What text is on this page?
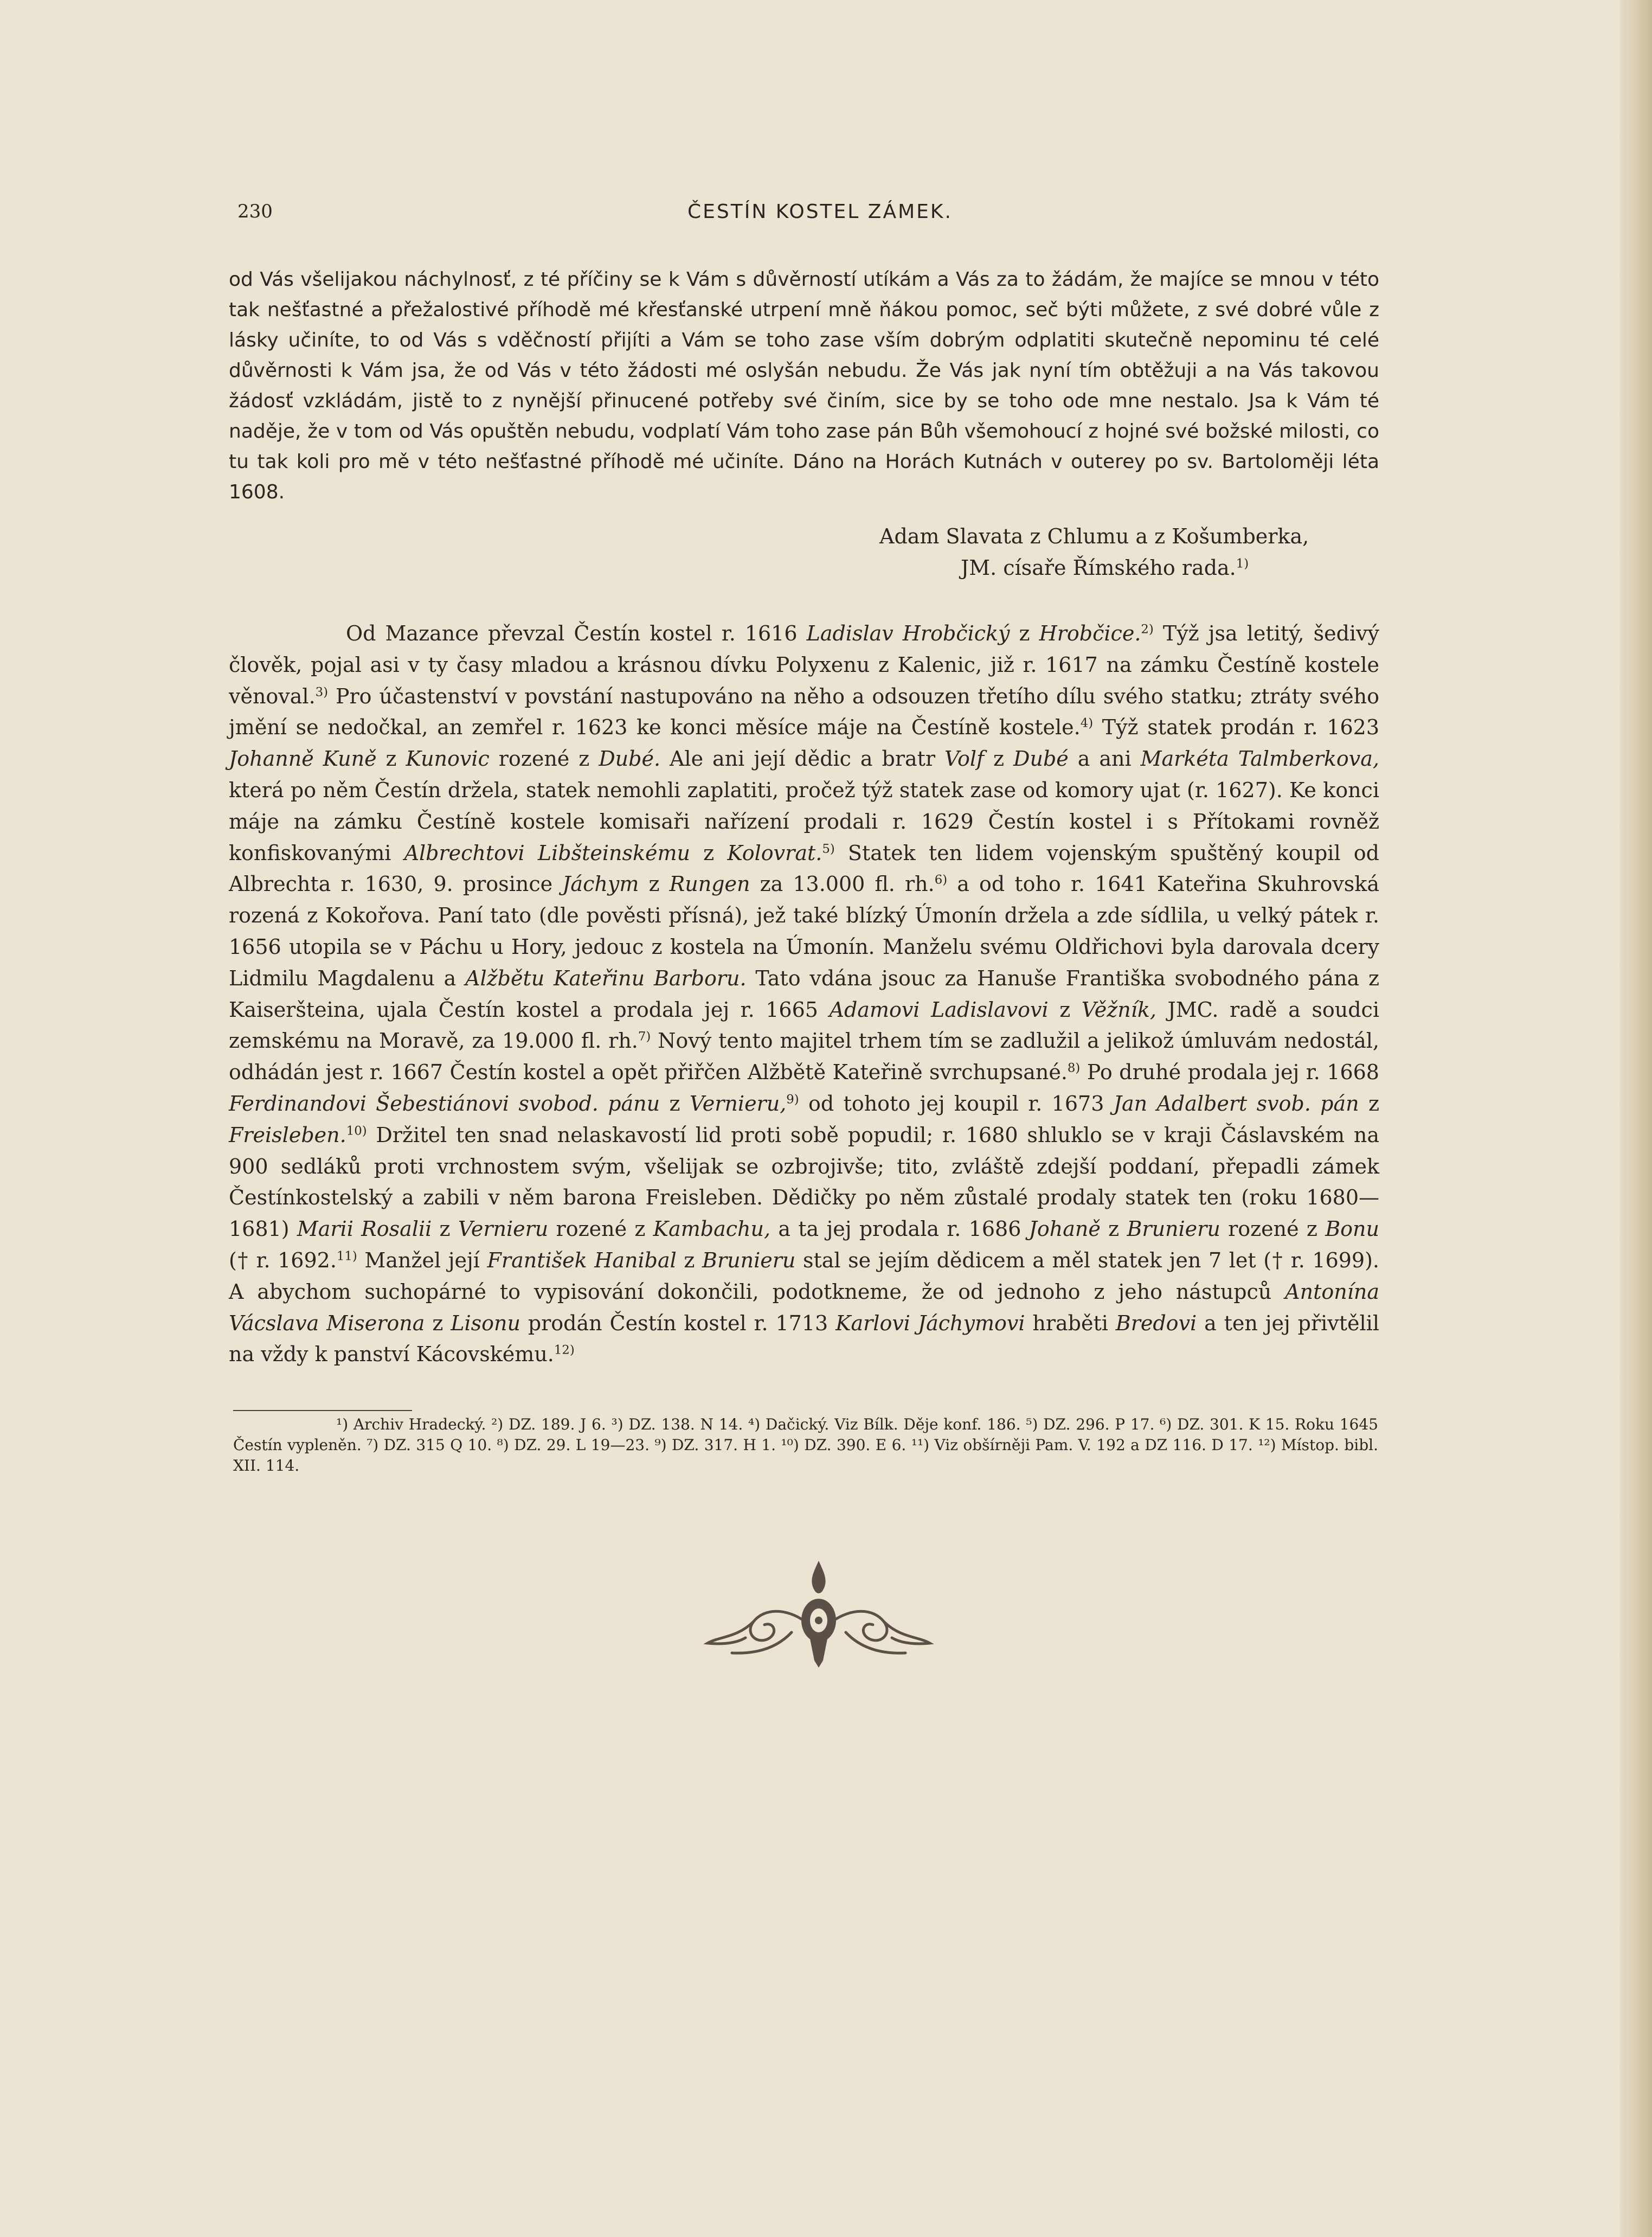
230	ČESTÍN KOSTEL ZÁMEK.

od Vás všelijakou náchylnosť, z té příčiny se k Vám s důvěrností utíkám a Vás za to žádám, že majíce se mnou v této tak nešťastné a přežalostivé příhodě mé křesťanské utrpení mně ňákou pomoc, seč býti můžete, z své dobré vůle z lásky učiníte, to od Vás s vděčností přijíti a Vám se toho zase vším dobrým odplatiti skutečně nepominu té celé důvěrnosti k Vám jsa, že od Vás v této žádosti mé oslyšán nebudu. Že Vás jak nyní tím obtěžuji a na Vás takovou žádosť vzkládám, jistě to z nynější přinucené potřeby své činím, sice by se toho ode mne nestalo. Jsa k Vám té naděje, že v tom od Vás opuštěn nebudu, vodplatí Vám toho zase pán Bůh všemohoucí z hojné své božské milosti, co tu tak koli pro mě v této nešťastné příhodě mé učiníte. Dáno na Horách Kutnách v outerey po sv. Bartoloměji léta 1608.

Adam Slavata z Chlumu a z Košumberka,
JM. císaře Římského rada.$^{1)}$

Od Mazance převzal Čestín kostel r. 1616 Ladislav Hrobčický z Hrobčice.$^{2)}$ Týž jsa letitý, šedivý člověk, pojal asi v ty časy mladou a krásnou dívku Polyxenu z Kalenic, již r. 1617 na zámku Čestíně kostele věnoval.$^{3)}$ Pro účastenství v povstání nastupováno na něho a odsouzen třetího dílu svého statku; ztráty svého jmění se nedočkal, an zemřel r. 1623 ke konci měsíce máje na Čestíně kostele.$^{4)}$ Týž statek prodán r. 1623 Johanně Kuně z Kunovic rozené z Dubé. Ale ani její dědic a bratr Volf z Dubé a ani Markéta Talmberkova, která po něm Čestín držela, statek nemohli zaplatiti, pročež týž statek zase od komory ujat (r. 1627). Ke konci máje na zámku Čestíně kostele komisaři nařízení prodali r. 1629 Čestín kostel i s Přítokami rovněž konfiskovanými Albrechtovi Libšteinskému z Kolovrat.$^{5)}$ Statek ten lidem vojenským spuštěný koupil od Albrechta r. 1630, 9. prosince Jáchym z Rungen za 13.000 fl. rh.$^{6)}$ a od toho r. 1641 Kateřina Skuhrovská rozená z Kokořova. Paní tato (dle pověsti přísná), jež také blízký Úmonín držela a zde sídlila, u velký pátek r. 1656 utopila se v Páchu u Hory, jedouc z kostela na Úmonín. Manželu svému Oldřichovi byla darovala dcery Lidmilu Magdalenu a Alžbětu Kateřinu Barboru. Tato vdána jsouc za Hanuše Františka svobodného pána z Kaiseršteina, ujala Čestín kostel a prodala jej r. 1665 Adamovi Ladislavovi z Věžník, JMC. radě a soudci zemskému na Moravě, za 19.000 fl. rh.$^{7)}$ Nový tento majitel trhem tím se zadlužil a jelikož úmluvám nedostál, odhádán jest r. 1667 Čestín kostel a opět přiřčen Alžbětě Kateřině svrchupsané.$^{8)}$ Po druhé prodala jej r. 1668 Ferdinandovi Šebestiánovi svobod. pánu z Vernieru,$^{9)}$ od tohoto jej koupil r. 1673 Jan Adalbert svob. pán z Freisleben.$^{10)}$ Držitel ten snad nelaskavostí lid proti sobě popudil; r. 1680 shluklo se v kraji Čáslavském na 900 sedláků proti vrchnostem svým, všelijak se ozbrojivše; tito, zvláště zdejší poddaní, přepadli zámek Čestínkostelský a zabili v něm barona Freisleben. Dědičky po něm zůstalé prodaly statek ten (roku 1680—1681) Marii Rosalii z Vernieru rozené z Kambachu, a ta jej prodala r. 1686 Johaně z Brunieru rozené z Bonu († r. 1692.$^{11)}$ Manžel její František Hanibal z Brunieru stal se jejím dědicem a měl statek jen 7 let († r. 1699). A abychom suchopárné to vypisování dokončili, podotkneme, že od jednoho z jeho nástupců Antonína Vácslava Miserona z Lisonu prodán Čestín kostel r. 1713 Karlovi Jáchymovi hraběti Bredovi a ten jej přivtělil na vždy k panství Kácovskému.$^{12)}$

¹) Archiv Hradecký. ²) DZ. 189. J 6. ³) DZ. 138. N 14. ⁴) Dačický. Viz Bílk. Děje konf. 186. ⁵) DZ. 296. P 17. ⁶) DZ. 301. K 15. Roku 1645 Čestín vypleněn. ⁷) DZ. 315 Q 10. ⁸) DZ. 29. L 19—23. ⁹) DZ. 317. H 1. ¹⁰) DZ. 390. E 6. ¹¹) Viz obšírněji Pam. V. 192 a DZ 116. D 17. ¹²) Místop. bibl. XII. 114.
